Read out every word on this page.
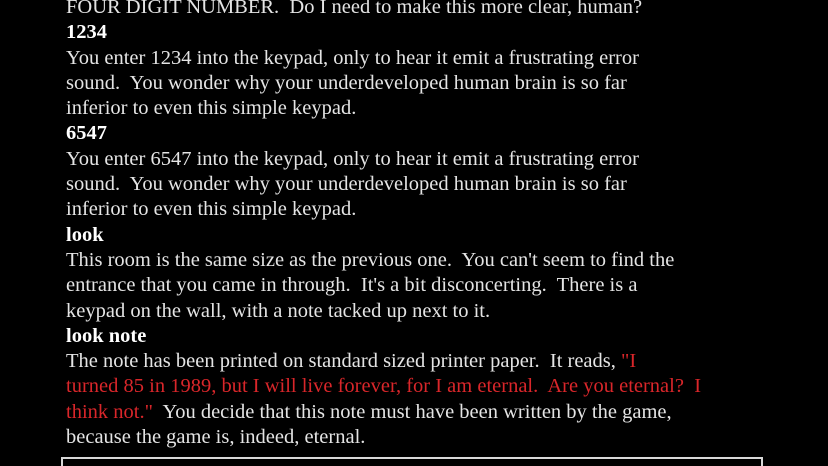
FOUR DIGIT NUMBER.  Do I need to make this more clear, human?

1234

You enter 1234 into the keypad, only to hear it emit a frustrating error

sound.  You wonder why your underdeveloped human brain is so far

inferior to even this simple keypad.

6547

You enter 6547 into the keypad, only to hear it emit a frustrating error

sound.  You wonder why your underdeveloped human brain is so far

inferior to even this simple keypad.

look

This room is the same size as the previous one.  You can't seem to find the

entrance that you came in through.  It's a bit disconcerting.  There is a

keypad on the wall, with a note tacked up next to it.

look note

The note has been printed on standard sized printer paper.  It reads, "I

turned 85 in 1989, but I will live forever, for I am eternal.  Are you eternal?  I

think not."  You decide that this note must have been written by the game,

because the game is, indeed, eternal.
